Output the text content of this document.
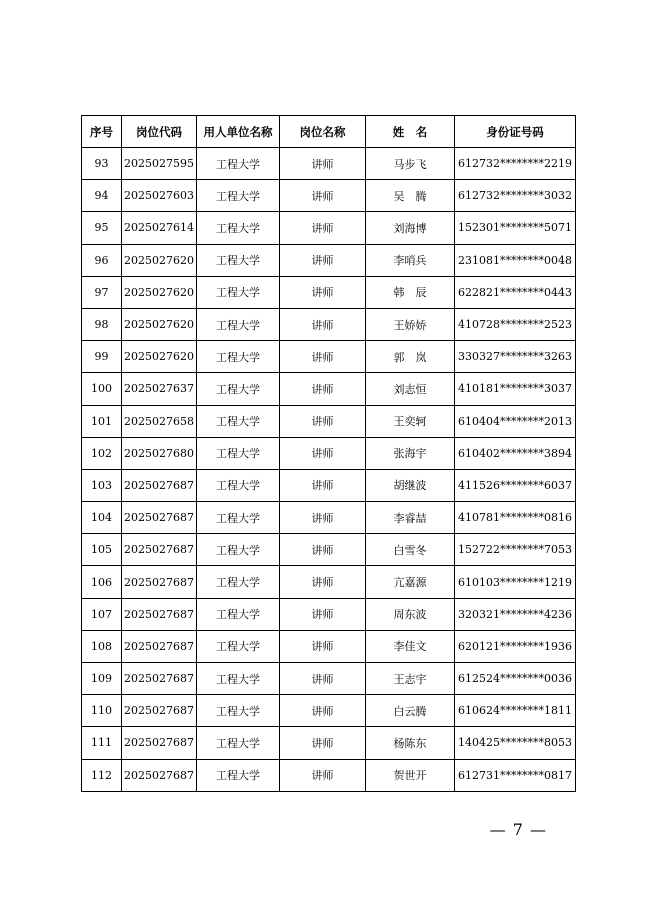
序号	岗位代码	用人单位名称	岗位名称	姓　名	身份证号码
93	2025027595	工程大学	讲师	马步飞	612732********2219
94	2025027603	工程大学	讲师	吴　腾	612732********3032
95	2025027614	工程大学	讲师	刘海博	152301********5071
96	2025027620	工程大学	讲师	李哨兵	231081********0048
97	2025027620	工程大学	讲师	韩　辰	622821********0443
98	2025027620	工程大学	讲师	王娇娇	410728********2523
99	2025027620	工程大学	讲师	郭　岚	330327********3263
100	2025027637	工程大学	讲师	刘志恒	410181********3037
101	2025027658	工程大学	讲师	王奕轲	610404********2013
102	2025027680	工程大学	讲师	张海宇	610402********3894
103	2025027687	工程大学	讲师	胡继波	411526********6037
104	2025027687	工程大学	讲师	李睿喆	410781********0816
105	2025027687	工程大学	讲师	白雪冬	152722********7053
106	2025027687	工程大学	讲师	亢嘉源	610103********1219
107	2025027687	工程大学	讲师	周东波	320321********4236
108	2025027687	工程大学	讲师	李佳文	620121********1936
109	2025027687	工程大学	讲师	王志宇	612524********0036
110	2025027687	工程大学	讲师	白云腾	610624********1811
111	2025027687	工程大学	讲师	杨陈东	140425********8053
112	2025027687	工程大学	讲师	贺世开	612731********0817
— 7 —
